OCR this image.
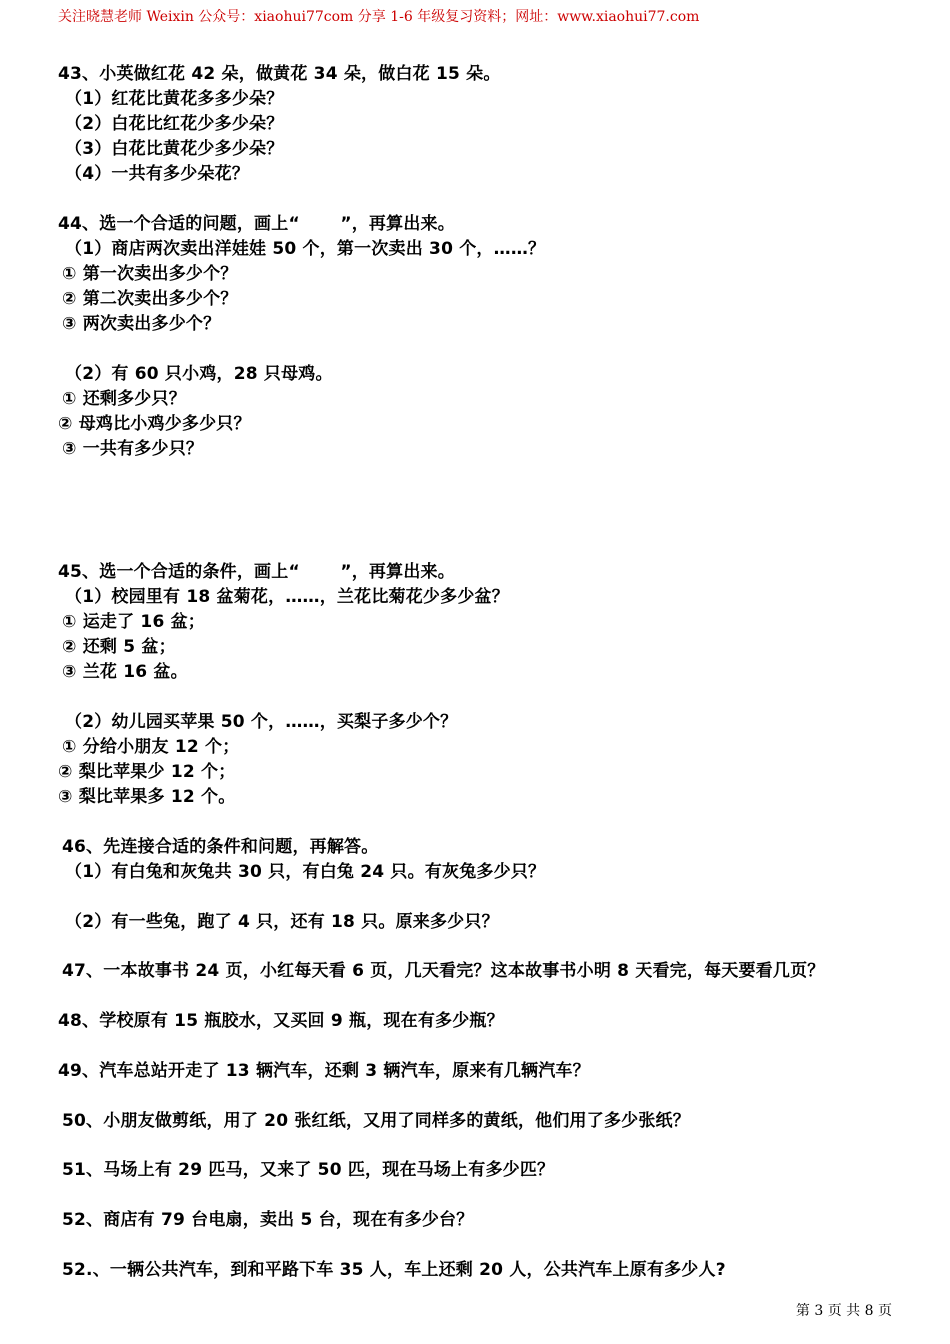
关注晓慧老师 Weixin 公众号：xiaohui77com 分享 1-6 年级复习资料；网址：www.xiaohui77.com
43、小英做红花 42 朵，做黄花 34 朵，做白花 15 朵。
（1）红花比黄花多多少朵？
（2）白花比红花少多少朵？
（3）白花比黄花少多少朵？
（4）一共有多少朵花？
44、选一个合适的问题，画上“　　 ”，再算出来。
（1）商店两次卖出洋娃娃 50 个，第一次卖出 30 个，……？
① 第一次卖出多少个？
② 第二次卖出多少个？
③ 两次卖出多少个？
（2）有 60 只小鸡，28 只母鸡。
① 还剩多少只？
② 母鸡比小鸡少多少只？
③ 一共有多少只？
45、选一个合适的条件，画上“　　 ”，再算出来。
（1）校园里有 18 盆菊花，……，兰花比菊花少多少盆？
① 运走了 16 盆；
② 还剩 5 盆；
③ 兰花 16 盆。
（2）幼儿园买苹果 50 个，……，买梨子多少个？
① 分给小朋友 12 个；
② 梨比苹果少 12 个；
③ 梨比苹果多 12 个。
46、先连接合适的条件和问题，再解答。
（1）有白兔和灰兔共 30 只，有白兔 24 只。有灰兔多少只？
（2）有一些兔，跑了 4 只，还有 18 只。原来多少只？
47、一本故事书 24 页，小红每天看 6 页，几天看完？这本故事书小明 8 天看完，每天要看几页？
48、学校原有 15 瓶胶水，又买回 9 瓶，现在有多少瓶？
49、汽车总站开走了 13 辆汽车，还剩 3 辆汽车，原来有几辆汽车？
50、小朋友做剪纸，用了 20 张红纸，又用了同样多的黄纸，他们用了多少张纸？
51、马场上有 29 匹马，又来了 50 匹，现在马场上有多少匹？
52、商店有 79 台电扇，卖出 5 台，现在有多少台？
52.、一辆公共汽车，到和平路下车 35 人，车上还剩 20 人，公共汽车上原有多少人?
第 3 页 共 8 页
